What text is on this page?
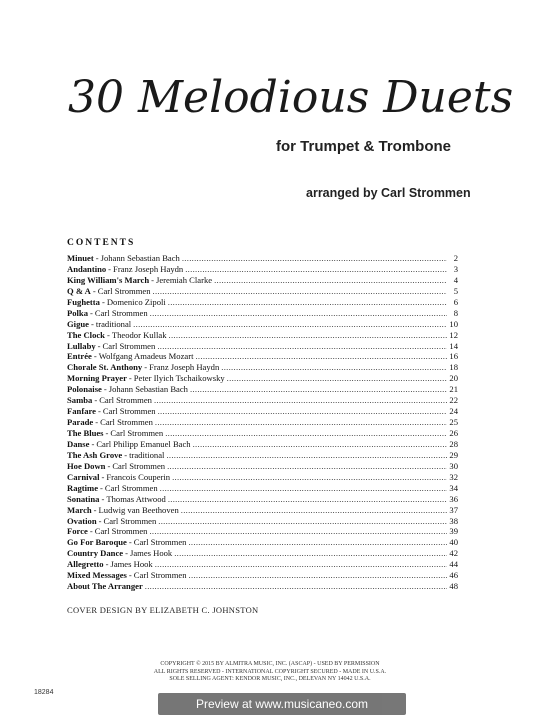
30 Melodious Duets
for Trumpet & Trombone
arranged by Carl Strommen
CONTENTS
Minuet - Johann Sebastian Bach .....	2
Andantino - Franz Joseph Haydn .....	3
King William's March - Jeremiah Clarke .....	4
Q & A - Carl Strommen .....	5
Fughetta - Domenico Zipoli .....	6
Polka - Carl Strommen .....	8
Gigue - traditional .....	10
The Clock - Theodor Kullak .....	12
Lullaby - Carl Strommen .....	14
Entrée - Wolfgang Amadeus Mozart .....	16
Chorale St. Anthony - Franz Joseph Haydn .....	18
Morning Prayer - Peter Ilyich Tschaikowsky .....	20
Polonaise - Johann Sebastian Bach .....	21
Samba - Carl Strommen .....	22
Fanfare - Carl Strommen .....	24
Parade - Carl Strommen .....	25
The Blues - Carl Strommen .....	26
Danse - Carl Philipp Emanuel Bach .....	28
The Ash Grove - traditional .....	29
Hoe Down - Carl Strommen .....	30
Carnival - Francois Couperin .....	32
Ragtime - Carl Strommen .....	34
Sonatina - Thomas Attwood .....	36
March - Ludwig van Beethoven .....	37
Ovation - Carl Strommen .....	38
Force - Carl Strommen .....	39
Go For Baroque - Carl Strommen .....	40
Country Dance - James Hook .....	42
Allegretto - James Hook .....	44
Mixed Messages - Carl Strommen .....	46
About The Arranger .....	48
COVER DESIGN BY ELIZABETH C. JOHNSTON
COPYRIGHT © 2015 BY ALMITRA MUSIC, INC. (ASCAP) - USED BY PERMISSION
ALL RIGHTS RESERVED - INTERNATIONAL COPYRIGHT SECURED - MADE IN U.S.A.
SOLE SELLING AGENT: KENDOR MUSIC, INC., DELEVAN NY 14042 U.S.A.
18284
Preview at www.musicaneo.com
